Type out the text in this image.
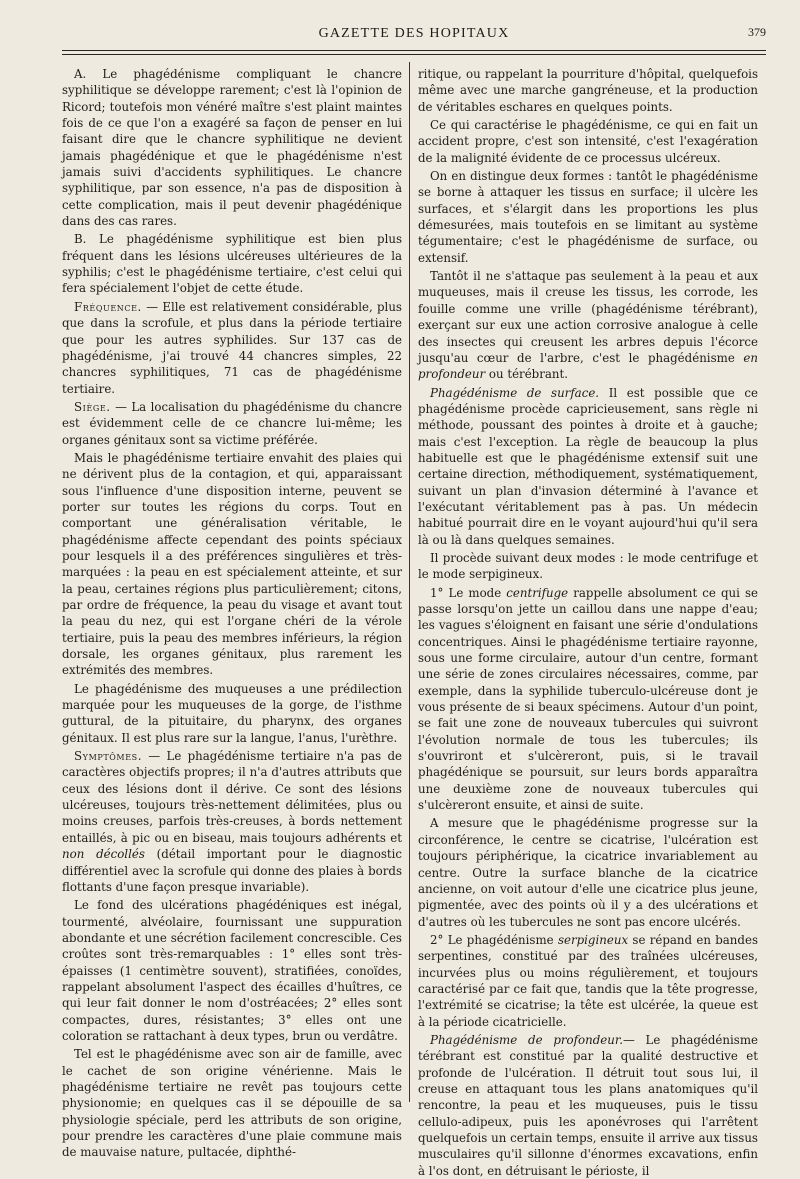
GAZETTE DES HOPITAUX	379

A. Le phagédénisme compliquant le chancre syphilitique se développe rarement; c'est là l'opinion de Ricord; toutefois mon vénéré maître s'est plaint maintes fois de ce que l'on a exagéré sa façon de penser en lui faisant dire que le chancre syphilitique ne devient jamais phagédénique et que le phagédénisme n'est jamais suivi d'accidents syphilitiques. Le chancre syphilitique, par son essence, n'a pas de disposition à cette complication, mais il peut devenir phagédénique dans des cas rares.

B. Le phagédénisme syphilitique est bien plus fréquent dans les lésions ulcéreuses ultérieures de la syphilis; c'est le phagédénisme tertiaire, c'est celui qui fera spécialement l'objet de cette étude.

Fréquence. — Elle est relativement considérable, plus que dans la scrofule, et plus dans la période tertiaire que pour les autres syphilides. Sur 137 cas de phagédénisme, j'ai trouvé 44 chancres simples, 22 chancres syphilitiques, 71 cas de phagédénisme tertiaire.

Siège. — La localisation du phagédénisme du chancre est évidemment celle de ce chancre lui-même; les organes génitaux sont sa victime préférée.

Mais le phagédénisme tertiaire envahit des plaies qui ne dérivent plus de la contagion, et qui, apparaissant sous l'influence d'une disposition interne, peuvent se porter sur toutes les régions du corps. Tout en comportant une généralisation véritable, le phagédénisme affecte cependant des points spéciaux pour lesquels il a des préférences singulières et très-marquées : la peau en est spécialement atteinte, et sur la peau, certaines régions plus particulièrement; citons, par ordre de fréquence, la peau du visage et avant tout la peau du nez, qui est l'organe chéri de la vérole tertiaire, puis la peau des membres inférieurs, la région dorsale, les organes génitaux, plus rarement les extrémités des membres.

Le phagédénisme des muqueuses a une prédilection marquée pour les muqueuses de la gorge, de l'isthme guttural, de la pituitaire, du pharynx, des organes génitaux. Il est plus rare sur la langue, l'anus, l'urèthre.

Symptômes. — Le phagédénisme tertiaire n'a pas de caractères objectifs propres; il n'a d'autres attributs que ceux des lésions dont il dérive. Ce sont des lésions ulcéreuses, toujours très-nettement délimitées, plus ou moins creuses, parfois très-creuses, à bords nettement entaillés, à pic ou en biseau, mais toujours adhérents et non décollés (détail important pour le diagnostic différentiel avec la scrofule qui donne des plaies à bords flottants d'une façon presque invariable).

Le fond des ulcérations phagédéniques est inégal, tourmenté, alvéolaire, fournissant une suppuration abondante et une sécrétion facilement concrescible. Ces croûtes sont très-remarquables : 1° elles sont très-épaisses (1 centimètre souvent), stratifiées, conoïdes, rappelant absolument l'aspect des écailles d'huîtres, ce qui leur fait donner le nom d'ostréacées; 2° elles sont compactes, dures, résistantes; 3° elles ont une coloration se rattachant à deux types, brun ou verdâtre.

Tel est le phagédénisme avec son air de famille, avec le cachet de son origine vénérienne. Mais le phagédénisme tertiaire ne revêt pas toujours cette physionomie; en quelques cas il se dépouille de sa physiologie spéciale, perd les attributs de son origine, pour prendre les caractères d'une plaie commune mais de mauvaise nature, pultacée, diphthé-

ritique, ou rappelant la pourriture d'hôpital, quelquefois même avec une marche gangréneuse, et la production de véritables eschares en quelques points.

Ce qui caractérise le phagédénisme, ce qui en fait un accident propre, c'est son intensité, c'est l'exagération de la malignité évidente de ce processus ulcéreux.

On en distingue deux formes : tantôt le phagédénisme se borne à attaquer les tissus en surface; il ulcère les surfaces, et s'élargit dans les proportions les plus démesurées, mais toutefois en se limitant au système tégumentaire; c'est le phagédénisme de surface, ou extensif.

Tantôt il ne s'attaque pas seulement à la peau et aux muqueuses, mais il creuse les tissus, les corrode, les fouille comme une vrille (phagédénisme térébrant), exerçant sur eux une action corrosive analogue à celle des insectes qui creusent les arbres depuis l'écorce jusqu'au cœur de l'arbre, c'est le phagédénisme en profondeur ou térébrant.

Phagédénisme de surface. Il est possible que ce phagédénisme procède capricieusement, sans règle ni méthode, poussant des pointes à droite et à gauche; mais c'est l'exception. La règle de beaucoup la plus habituelle est que le phagédénisme extensif suit une certaine direction, méthodiquement, systématiquement, suivant un plan d'invasion déterminé à l'avance et l'exécutant véritablement pas à pas. Un médecin habitué pourrait dire en le voyant aujourd'hui qu'il sera là ou là dans quelques semaines.

Il procède suivant deux modes : le mode centrifuge et le mode serpigineux.

1° Le mode centrifuge rappelle absolument ce qui se passe lorsqu'on jette un caillou dans une nappe d'eau; les vagues s'éloignent en faisant une série d'ondulations concentriques. Ainsi le phagédénisme tertiaire rayonne, sous une forme circulaire, autour d'un centre, formant une série de zones circulaires nécessaires, comme, par exemple, dans la syphilide tuberculo-ulcéreuse dont je vous présente de si beaux spécimens. Autour d'un point, se fait une zone de nouveaux tubercules qui suivront l'évolution normale de tous les tubercules; ils s'ouvriront et s'ulcèreront, puis, si le travail phagédénique se poursuit, sur leurs bords apparaîtra une deuxième zone de nouveaux tubercules qui s'ulcèreront ensuite, et ainsi de suite.

A mesure que le phagédénisme progresse sur la circonférence, le centre se cicatrise, l'ulcération est toujours périphérique, la cicatrice invariablement au centre. Outre la surface blanche de la cicatrice ancienne, on voit autour d'elle une cicatrice plus jeune, pigmentée, avec des points où il y a des ulcérations et d'autres où les tubercules ne sont pas encore ulcérés.

2° Le phagédénisme serpigineux se répand en bandes serpentines, constitué par des traînées ulcéreuses, incurvées plus ou moins régulièrement, et toujours caractérisé par ce fait que, tandis que la tête progresse, l'extrémité se cicatrise; la tête est ulcérée, la queue est à la période cicatricielle.

Phagédénisme de profondeur.— Le phagédénisme térébrant est constitué par la qualité destructive et profonde de l'ulcération. Il détruit tout sous lui, il creuse en attaquant tous les plans anatomiques qu'il rencontre, la peau et les muqueuses, puis le tissu cellulo-adipeux, puis les aponévroses qui l'arrêtent quelquefois un certain temps, ensuite il arrive aux tissus musculaires qu'il sillonne d'énormes excavations, enfin à l'os dont, en détruisant le périoste, il
